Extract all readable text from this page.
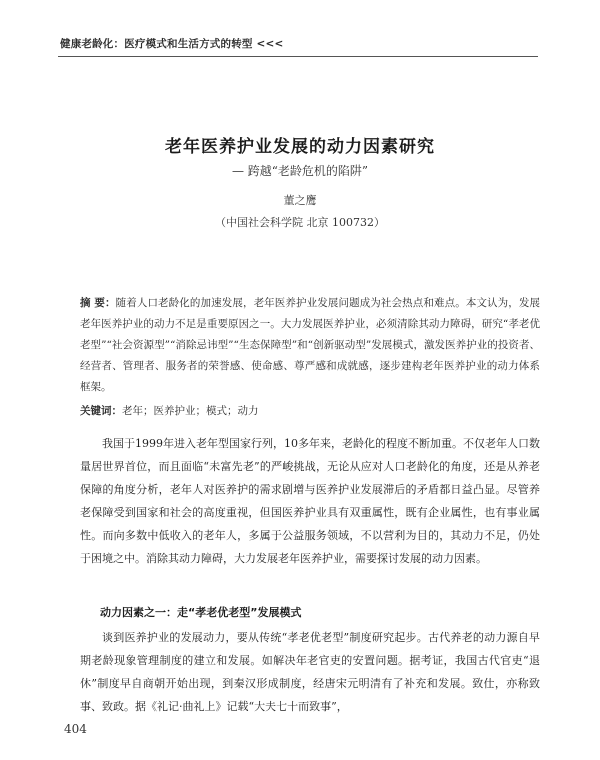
健康老龄化：医疗模式和生活方式的转型 <<<
老年医养护业发展的动力因素研究
— 跨越“老龄危机的陷阱”
董之鹰
（中国社会科学院 北京 100732）
摘 要：随着人口老龄化的加速发展，老年医养护业发展问题成为社会热点和难点。本文认为，发展老年医养护业的动力不足是重要原因之一。大力发展医养护业，必须清除其动力障碍，研究“孝老优老型”“社会资源型”“消除忌讳型”“生态保障型”和“创新驱动型”发展模式，激发医养护业的投资者、经营者、管理者、服务者的荣誉感、使命感、尊严感和成就感，逐步建构老年医养护业的动力体系框架。
关键词：老年；医养护业；模式；动力
我国于1999年进入老年型国家行列，10多年来，老龄化的程度不断加重。不仅老年人口数量居世界首位，而且面临“未富先老”的严峻挑战，无论从应对人口老龄化的角度，还是从养老保障的角度分析，老年人对医养护的需求剧增与医养护业发展滞后的矛盾都日益凸显。尽管养老保障受到国家和社会的高度重视，但国医养护业具有双重属性，既有企业属性，也有事业属性。而向多数中低收入的老年人，多属于公益服务领域，不以营利为目的，其动力不足，仍处于困境之中。消除其动力障碍，大力发展老年医养护业，需要探讨发展的动力因素。
动力因素之一：走“孝老优老型”发展模式
谈到医养护业的发展动力，要从传统“孝老优老型”制度研究起步。古代养老的动力源自早期老龄现象管理制度的建立和发展。如解决年老官吏的安置问题。据考证，我国古代官吏“退休”制度早自商朝开始出现，到秦汉形成制度，经唐宋元明清有了补充和发展。致仕，亦称致事、致政。据《礼记·曲礼上》记载“大夫七十而致事”，
404
